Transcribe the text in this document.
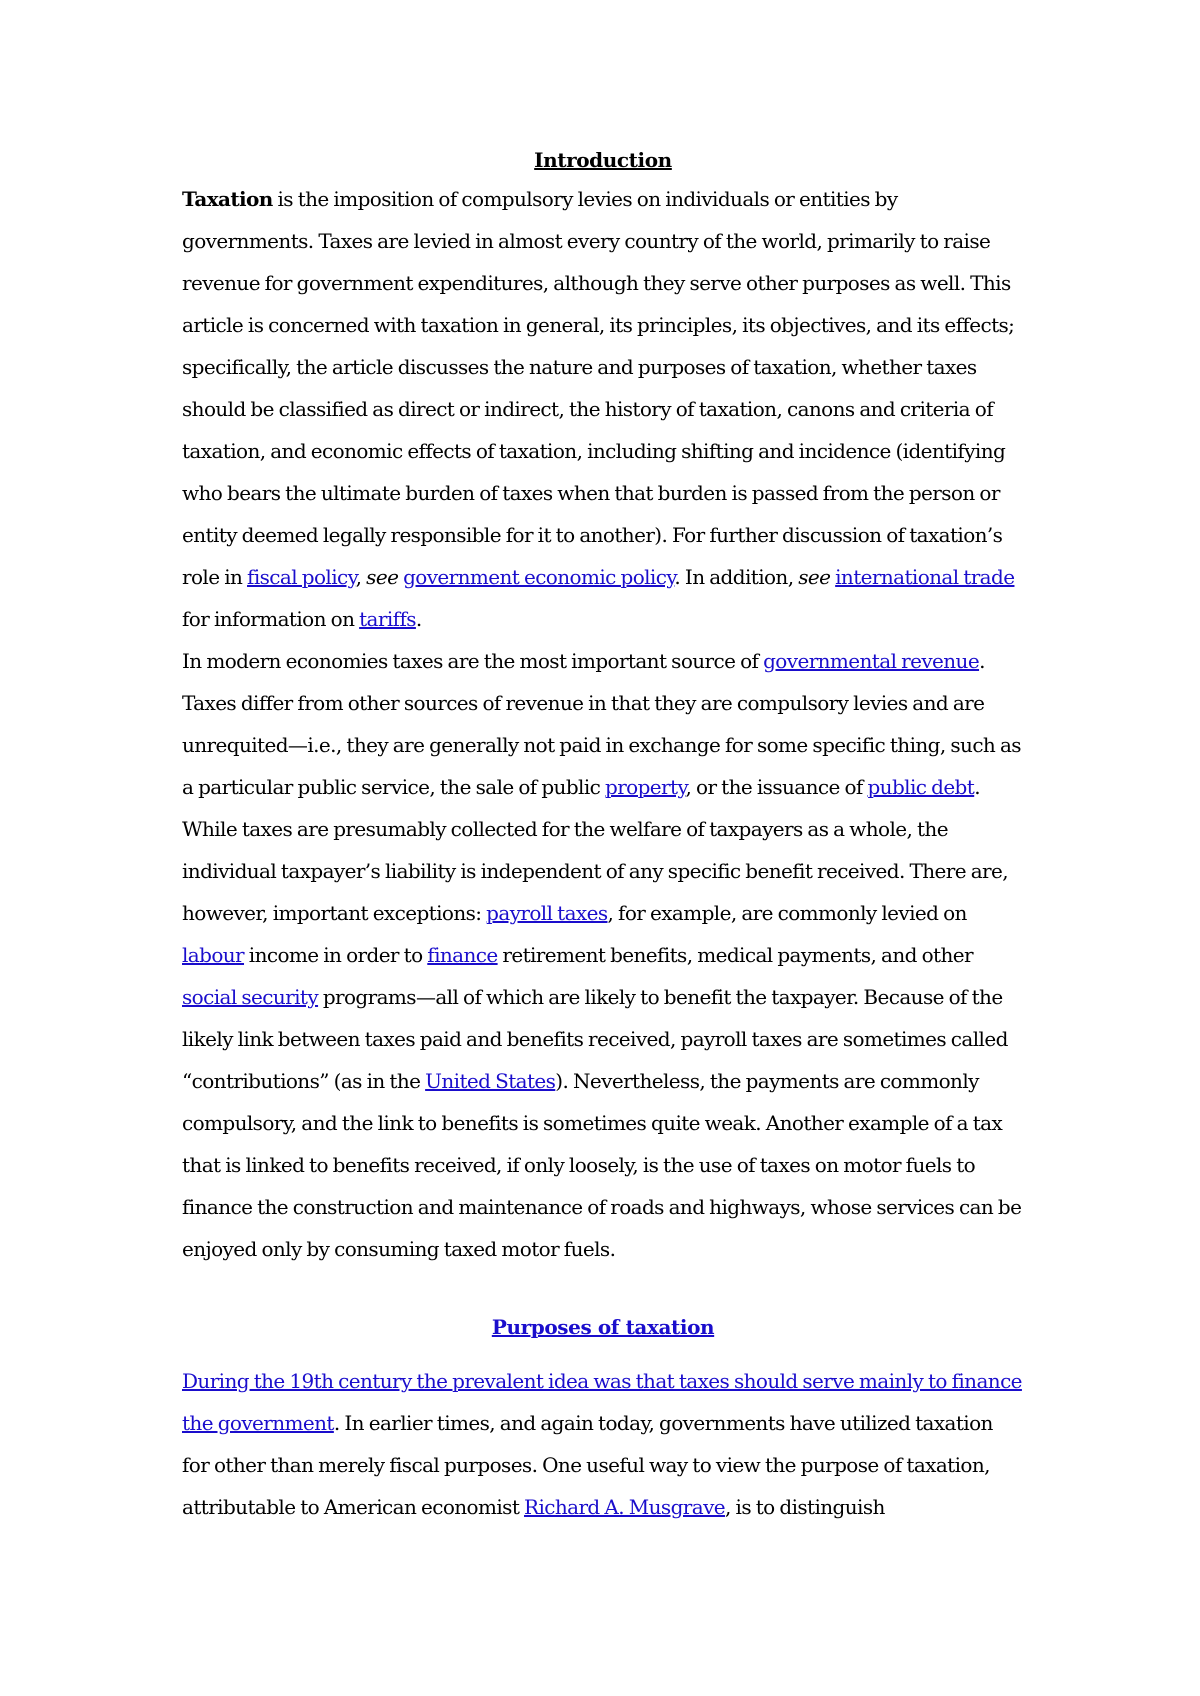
Introduction

Taxation is the imposition of compulsory levies on individuals or entities by governments. Taxes are levied in almost every country of the world, primarily to raise revenue for government expenditures, although they serve other purposes as well. This article is concerned with taxation in general, its principles, its objectives, and its effects; specifically, the article discusses the nature and purposes of taxation, whether taxes should be classified as direct or indirect, the history of taxation, canons and criteria of taxation, and economic effects of taxation, including shifting and incidence (identifying who bears the ultimate burden of taxes when that burden is passed from the person or entity deemed legally responsible for it to another). For further discussion of taxation’s role in fiscal policy, see government economic policy. In addition, see international trade for information on tariffs.

In modern economies taxes are the most important source of governmental revenue. Taxes differ from other sources of revenue in that they are compulsory levies and are unrequited—i.e., they are generally not paid in exchange for some specific thing, such as a particular public service, the sale of public property, or the issuance of public debt. While taxes are presumably collected for the welfare of taxpayers as a whole, the individual taxpayer’s liability is independent of any specific benefit received. There are, however, important exceptions: payroll taxes, for example, are commonly levied on labour income in order to finance retirement benefits, medical payments, and other social security programs—all of which are likely to benefit the taxpayer. Because of the likely link between taxes paid and benefits received, payroll taxes are sometimes called “contributions” (as in the United States). Nevertheless, the payments are commonly compulsory, and the link to benefits is sometimes quite weak. Another example of a tax that is linked to benefits received, if only loosely, is the use of taxes on motor fuels to finance the construction and maintenance of roads and highways, whose services can be enjoyed only by consuming taxed motor fuels.

Purposes of taxation

During the 19th century the prevalent idea was that taxes should serve mainly to finance the government. In earlier times, and again today, governments have utilized taxation for other than merely fiscal purposes. One useful way to view the purpose of taxation, attributable to American economist Richard A. Musgrave, is to distinguish
